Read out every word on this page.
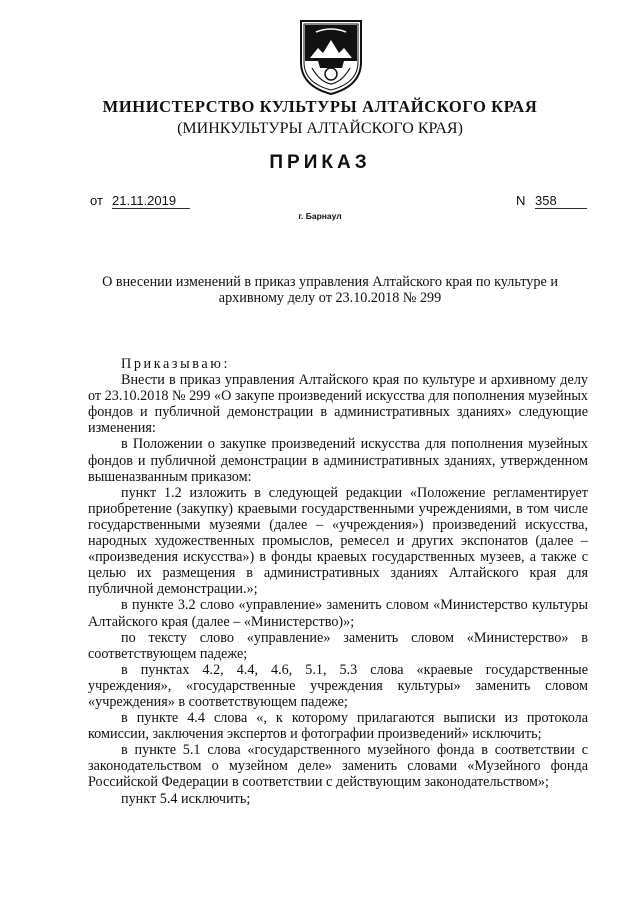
МИНИСТЕРСТВО КУЛЬТУРЫ АЛТАЙСКОГО КРАЯ
(МИНКУЛЬТУРЫ АЛТАЙСКОГО КРАЯ)
ПРИКАЗ
от 21.11.2019	N 358
г. Барнаул
О внесении изменений в приказ управления Алтайского края по культуре и архивному делу от 23.10.2018 № 299

Приказываю:

Внести в приказ управления Алтайского края по культуре и архивному делу от 23.10.2018 № 299 «О закупе произведений искусства для пополнения музейных фондов и публичной демонстрации в административных зданиях» следующие изменения:

в Положении о закупке произведений искусства для пополнения музейных фондов и публичной демонстрации в административных зданиях, утвержденном вышеназванным приказом:

пункт 1.2 изложить в следующей редакции «Положение регламентирует приобретение (закупку) краевыми государственными учреждениями, в том числе государственными музеями (далее – «учреждения») произведений искусства, народных художественных промыслов, ремесел и других экспонатов (далее – «произведения искусства») в фонды краевых государственных музеев, а также с целью их размещения в административных зданиях Алтайского края для публичной демонстрации.»;

в пункте 3.2 слово «управление» заменить словом «Министерство культуры Алтайского края (далее – «Министерство)»;

по тексту слово «управление» заменить словом «Министерство» в соответствующем падеже;

в пунктах 4.2, 4.4, 4.6, 5.1, 5.3 слова «краевые государственные учреждения», «государственные учреждения культуры» заменить словом «учреждения» в соответствующем падеже;

в пункте 4.4 слова «, к которому прилагаются выписки из протокола комиссии, заключения экспертов и фотографии произведений» исключить;

в пункте 5.1 слова «государственного музейного фонда в соответствии с законодательством о музейном деле» заменить словами «Музейного фонда Российской Федерации в соответствии с действующим законодательством»;

пункт 5.4 исключить;
